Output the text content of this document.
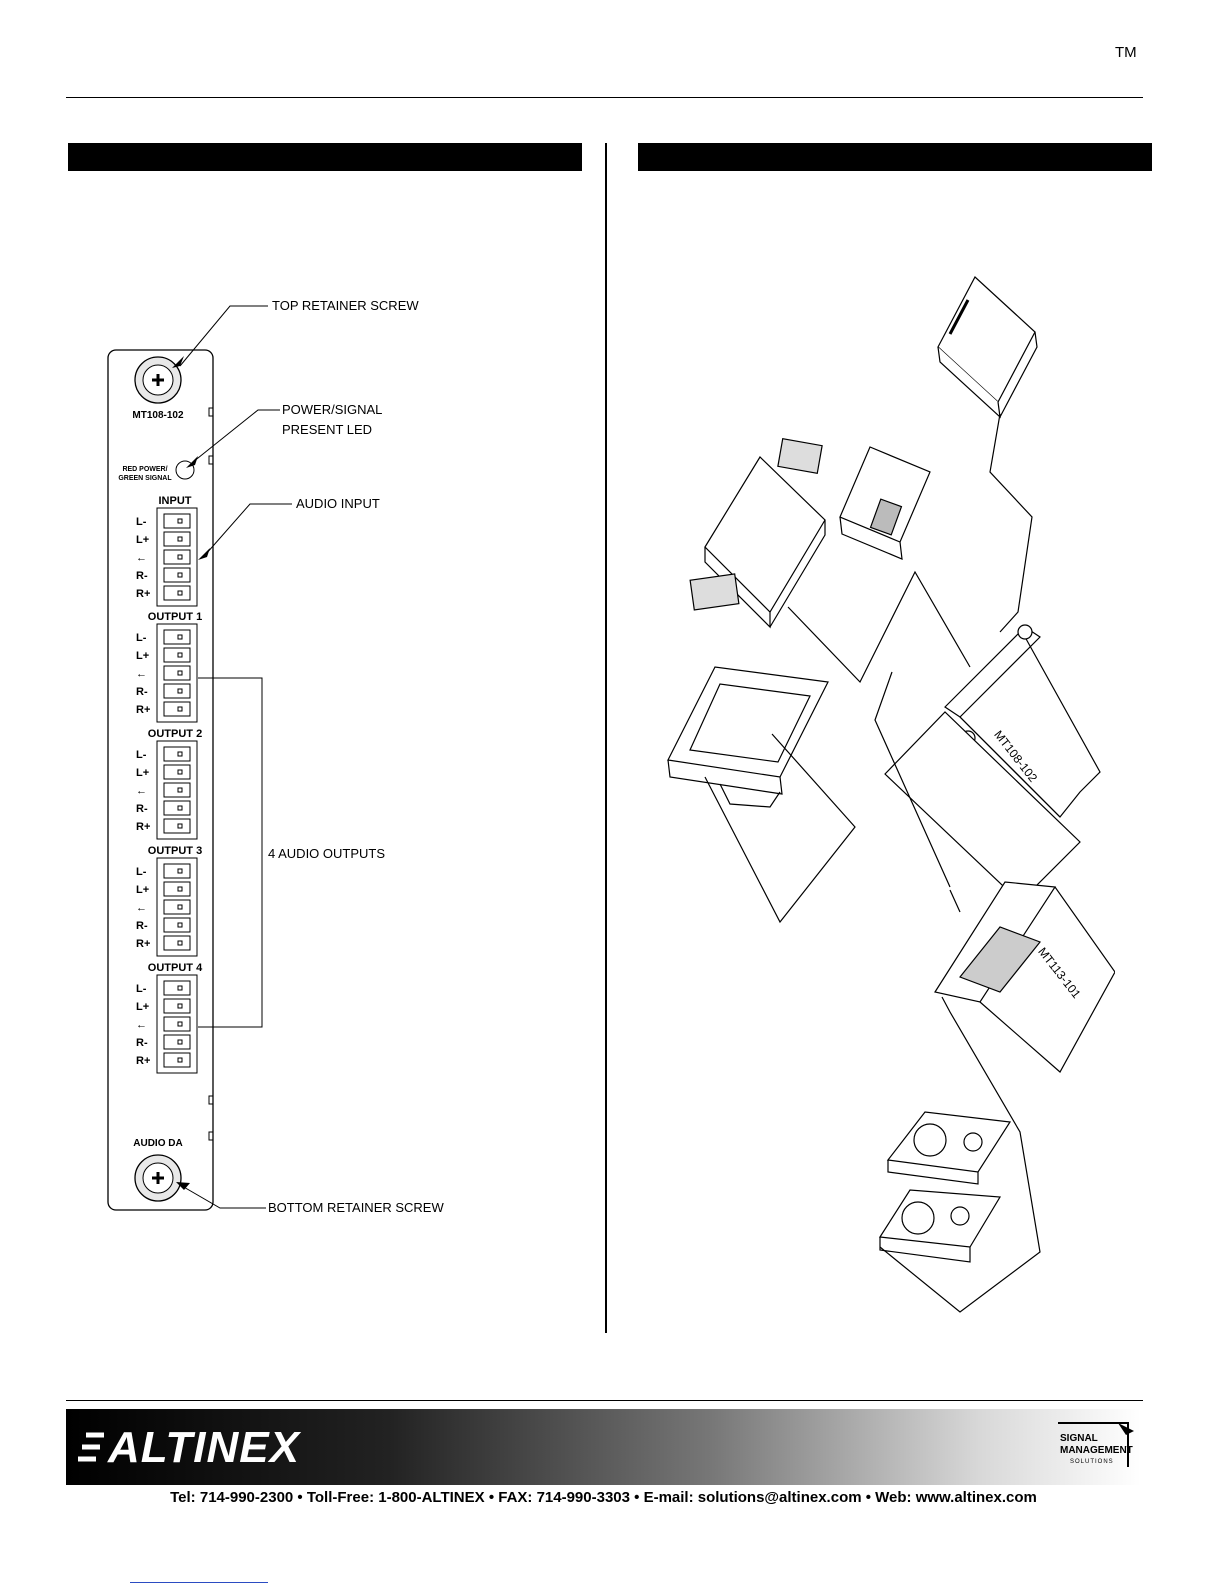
TM
MT108-102
RED POWER/
GREEN SIGNAL
INPUT
L-
L+
←
R-
R+
OUTPUT 1
L-
L+
←
R-
R+
OUTPUT 2
L-
L+
←
R-
R+
OUTPUT 3
L-
L+
←
R-
R+
OUTPUT 4
L-
L+
←
R-
R+
AUDIO DA
TOP RETAINER SCREW
POWER/SIGNAL
PRESENT LED
AUDIO INPUT
4 AUDIO OUTPUTS
BOTTOM RETAINER SCREW
MT108-102
MT113-101
ALTINEX	SIGNAL
MANAGEMENT
SOLUTIONS
Tel: 714-990-2300 • Toll-Free: 1-800-ALTINEX • FAX: 714-990-3303 • E-mail: solutions@altinex.com • Web: www.altinex.com
